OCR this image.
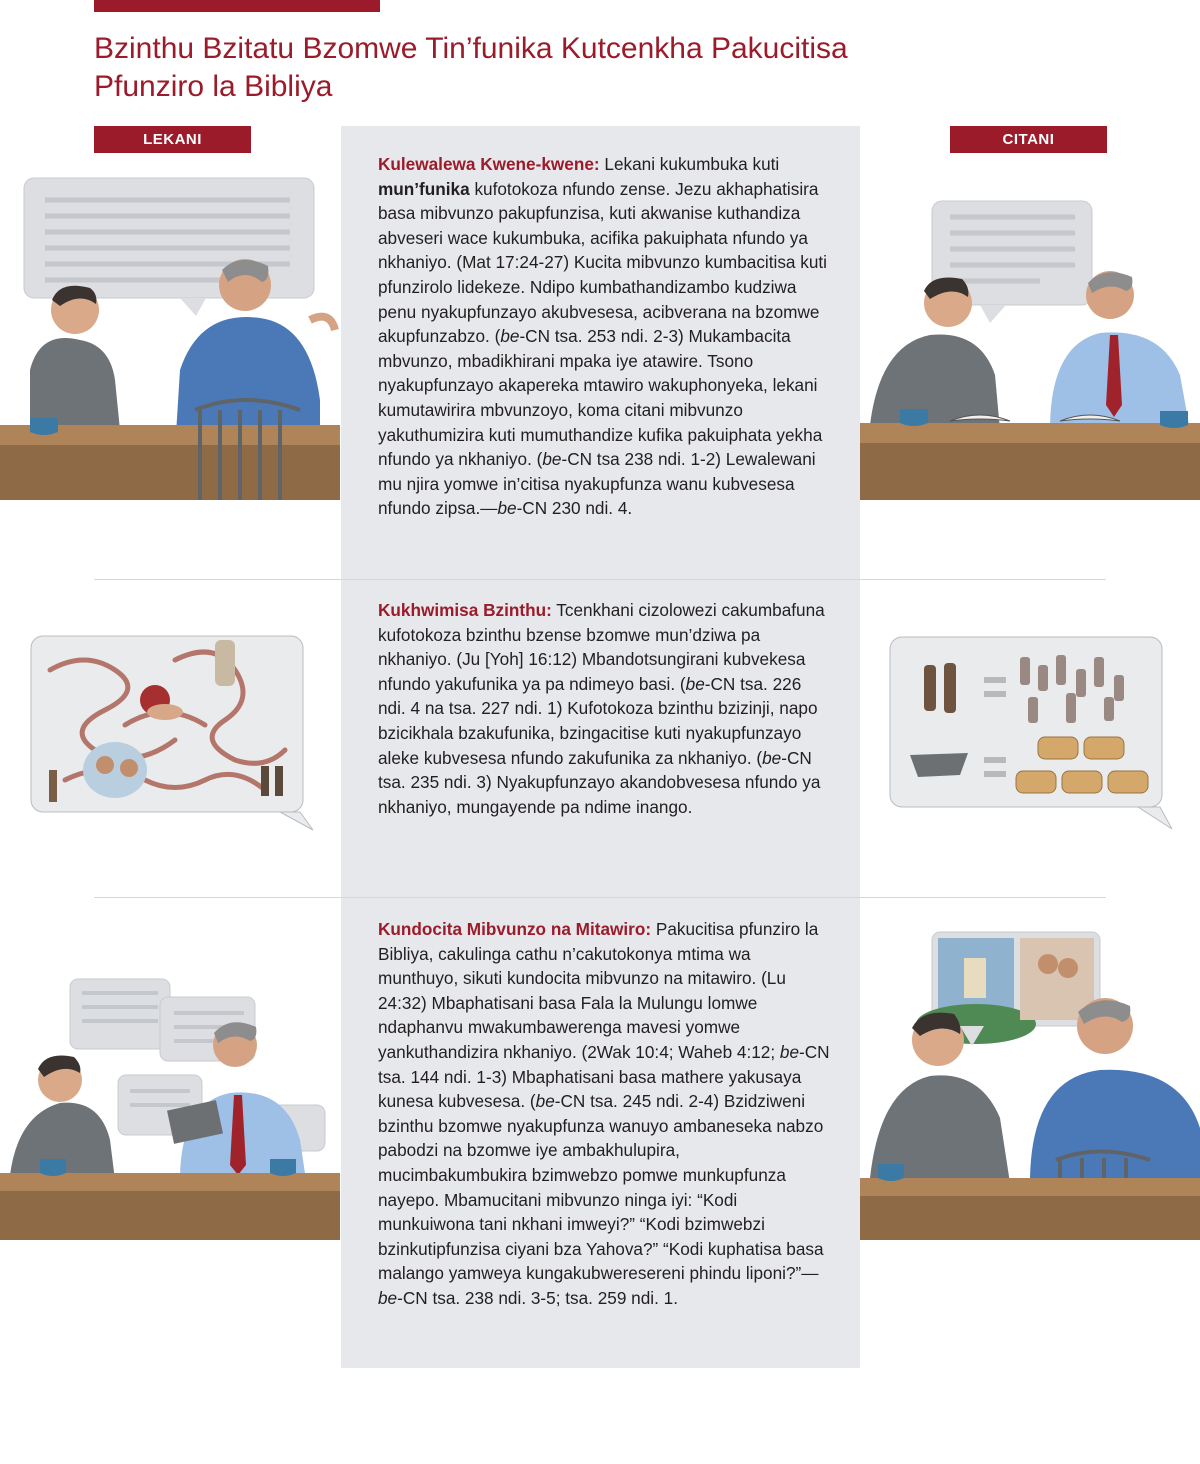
Bzinthu Bzitatu Bzomwe Tin’funika Kutcenkha Pakucitisa
Pfunziro la Bibliya
LEKANI	CITANI

Kulewalewa Kwene-kwene: Lekani kukumbuka kuti mun’funika kufotokoza nfundo zense. Jezu akhaphatisira basa mibvunzo pakupfunzisa, kuti akwanise kuthandiza abveseri wace kukumbuka, acifika pakuiphata nfundo ya nkhaniyo. (Mat 17:24-27) Kucita mibvunzo kumbacitisa kuti pfunzirolo lidekeze. Ndipo kumbathandizambo kudziwa penu nyakupfunzayo akubvesesa, acibverana na bzomwe akupfunzabzo. (be-CN tsa. 253 ndi. 2-3) Mukambacita mbvunzo, mbadikhirani mpaka iye atawire. Tsono nyakupfunzayo akapereka mtawiro wakuphonyeka, lekani kumutawirira mbvunzoyo, koma citani mibvunzo yakuthumizira kuti mumuthandize kufika pakuiphata yekha nfundo ya nkhaniyo. (be-CN tsa 238 ndi. 1-2) Lewalewani mu njira yomwe in’citisa nyakupfunza wanu kubvesesa nfundo zipsa.—be-CN 230 ndi. 4.

Kukhwimisa Bzinthu: Tcenkhani cizolowezi cakumbafuna kufotokoza bzinthu bzense bzomwe mun’dziwa pa nkhaniyo. (Ju [Yoh] 16:12) Mbandotsungirani kubvekesa nfundo yakufunika ya pa ndimeyo basi. (be-CN tsa. 226 ndi. 4 na tsa. 227 ndi. 1) Kufotokoza bzinthu bzizinji, napo bzicikhala bzakufunika, bzingacitise kuti nyakupfunzayo aleke kubvesesa nfundo zakufunika za nkhaniyo. (be-CN tsa. 235 ndi. 3) Nyakupfunzayo akandobvesesa nfundo ya nkhaniyo, mungayende pa ndime inango.

Kundocita Mibvunzo na Mitawiro: Pakucitisa pfunziro la Bibliya, cakulinga cathu n’cakutokonya mtima wa munthuyo, sikuti kundocita mibvunzo na mitawiro. (Lu 24:32) Mbaphatisani basa Fala la Mulungu lomwe ndaphanvu mwakumbawerenga mavesi yomwe yankuthandizira nkhaniyo. (2Wak 10:4; Waheb 4:12; be-CN tsa. 144 ndi. 1-3) Mbaphatisani basa mathere yakusaya kunesa kubvesesa. (be-CN tsa. 245 ndi. 2-4) Bzidziweni bzinthu bzomwe nyakupfunza wanuyo ambaneseka nabzo pabodzi na bzomwe iye ambakhulupira, mucimbakumbukira bzimwebzo pomwe munkupfunza nayepo. Mbamucitani mibvunzo ninga iyi: “Kodi munkuiwona tani nkhani imweyi?” “Kodi bzimwebzi bzinkutipfunzisa ciyani bza Yahova?” “Kodi kuphatisa basa malango yamweya kungakubweresereni phindu liponi?”—be-CN tsa. 238 ndi. 3-5; tsa. 259 ndi. 1.
